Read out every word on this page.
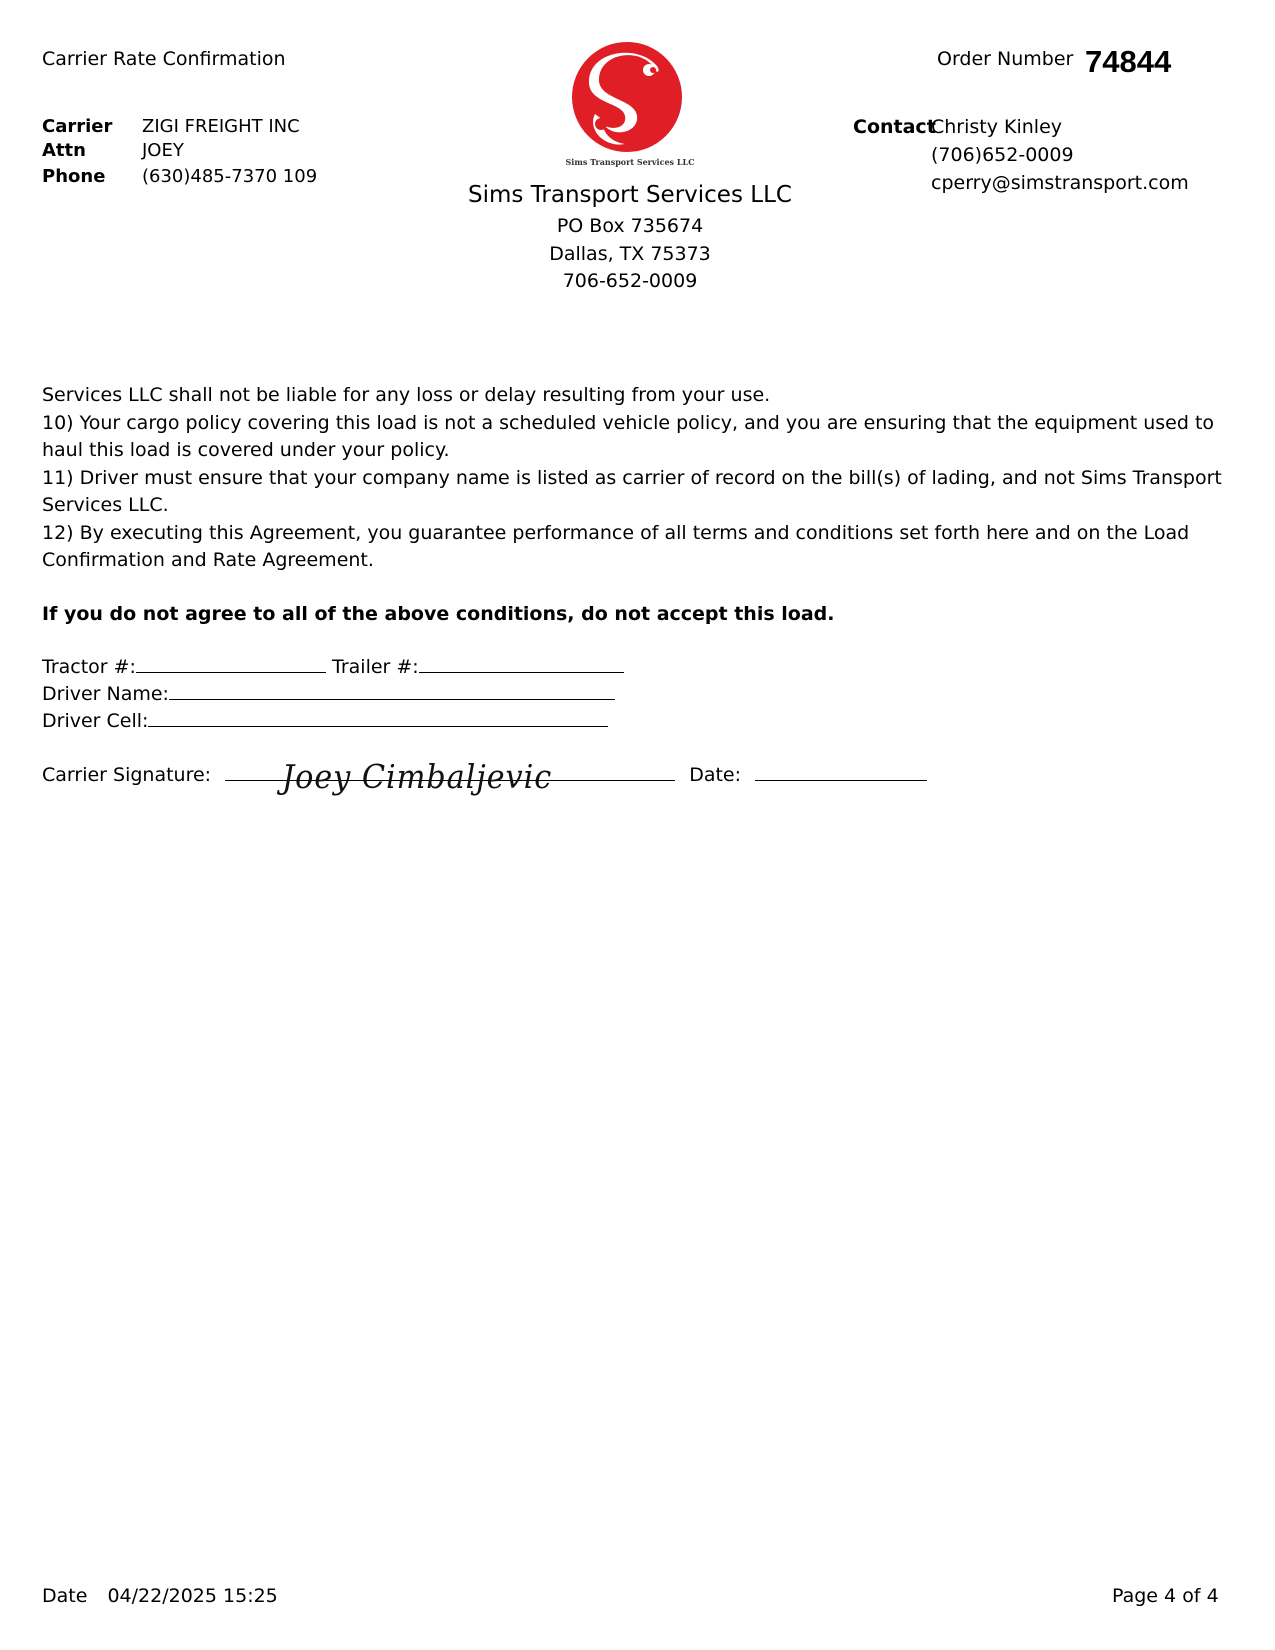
Carrier Rate Confirmation
Carrier ZIGI FREIGHT INC
Attn	JOEY
Phone (630)485-7370 109
Sims Transport Services LLC
Sims Transport Services LLC
PO Box 735674
Dallas, TX 75373
706-652-0009
Order Number 74844
Contact
Christy Kinley
(706)652-0009
cperry@simstransport.com

Services LLC shall not be liable for any loss or delay resulting from your use.

10) Your cargo policy covering this load is not a scheduled vehicle policy, and you are ensuring that the equipment used to haul this load is covered under your policy.

11) Driver must ensure that your company name is listed as carrier of record on the bill(s) of lading, and not Sims Transport Services LLC.

12) By executing this Agreement, you guarantee performance of all terms and conditions set forth here and on the Load Confirmation and Rate Agreement.

If you do not agree to all of the above conditions, do not accept this load.
Tractor #:	Trailer #:
Driver Name:
Driver Cell:
Carrier Signature:	Date:
Joey Cimbaljevic
Date 04/22/2025 15:25	Page 4 of 4
